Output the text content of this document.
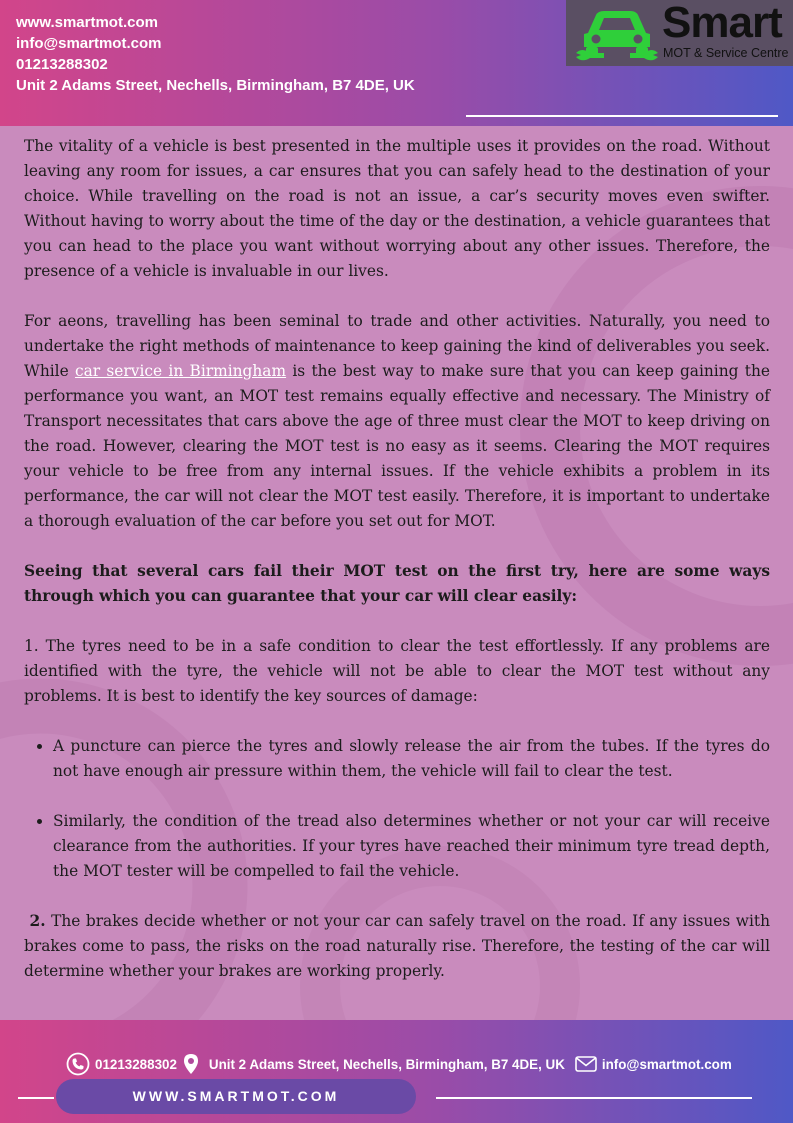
www.smartmot.com
info@smartmot.com
01213288302
Unit 2 Adams Street, Nechells, Birmingham, B7 4DE, UK
Smart
MOT & Service Centre

The vitality of a vehicle is best presented in the multiple uses it provides on the road. Without leaving any room for issues, a car ensures that you can safely head to the destination of your choice. While travelling on the road is not an issue, a car’s security moves even swifter. Without having to worry about the time of the day or the destination, a vehicle guarantees that you can head to the place you want without worrying about any other issues. Therefore, the presence of a vehicle is invaluable in our lives.

For aeons, travelling has been seminal to trade and other activities. Naturally, you need to undertake the right methods of maintenance to keep gaining the kind of deliverables you seek. While car service in Birmingham is the best way to make sure that you can keep gaining the performance you want, an MOT test remains equally effective and necessary. The Ministry of Transport necessitates that cars above the age of three must clear the MOT to keep driving on the road. However, clearing the MOT test is no easy as it seems. Clearing the MOT requires your vehicle to be free from any internal issues. If the vehicle exhibits a problem in its performance, the car will not clear the MOT test easily. Therefore, it is important to undertake a thorough evaluation of the car before you set out for MOT.

Seeing that several cars fail their MOT test on the first try, here are some ways through which you can guarantee that your car will clear easily:

1. The tyres need to be in a safe condition to clear the test effortlessly. If any problems are identified with the tyre, the vehicle will not be able to clear the MOT test without any problems. It is best to identify the key sources of damage:

• A puncture can pierce the tyres and slowly release the air from the tubes. If the tyres do not have enough air pressure within them, the vehicle will fail to clear the test.
• Similarly, the condition of the tread also determines whether or not your car will receive clearance from the authorities. If your tyres have reached their minimum tyre tread depth, the MOT tester will be compelled to fail the vehicle.

2. The brakes decide whether or not your car can safely travel on the road. If any issues with brakes come to pass, the risks on the road naturally rise. Therefore, the testing of the car will determine whether your brakes are working properly.

01213288302 Unit 2 Adams Street, Nechells, Birmingham, B7 4DE, UK	info@smartmot.com
WWW.SMARTMOT.COM
